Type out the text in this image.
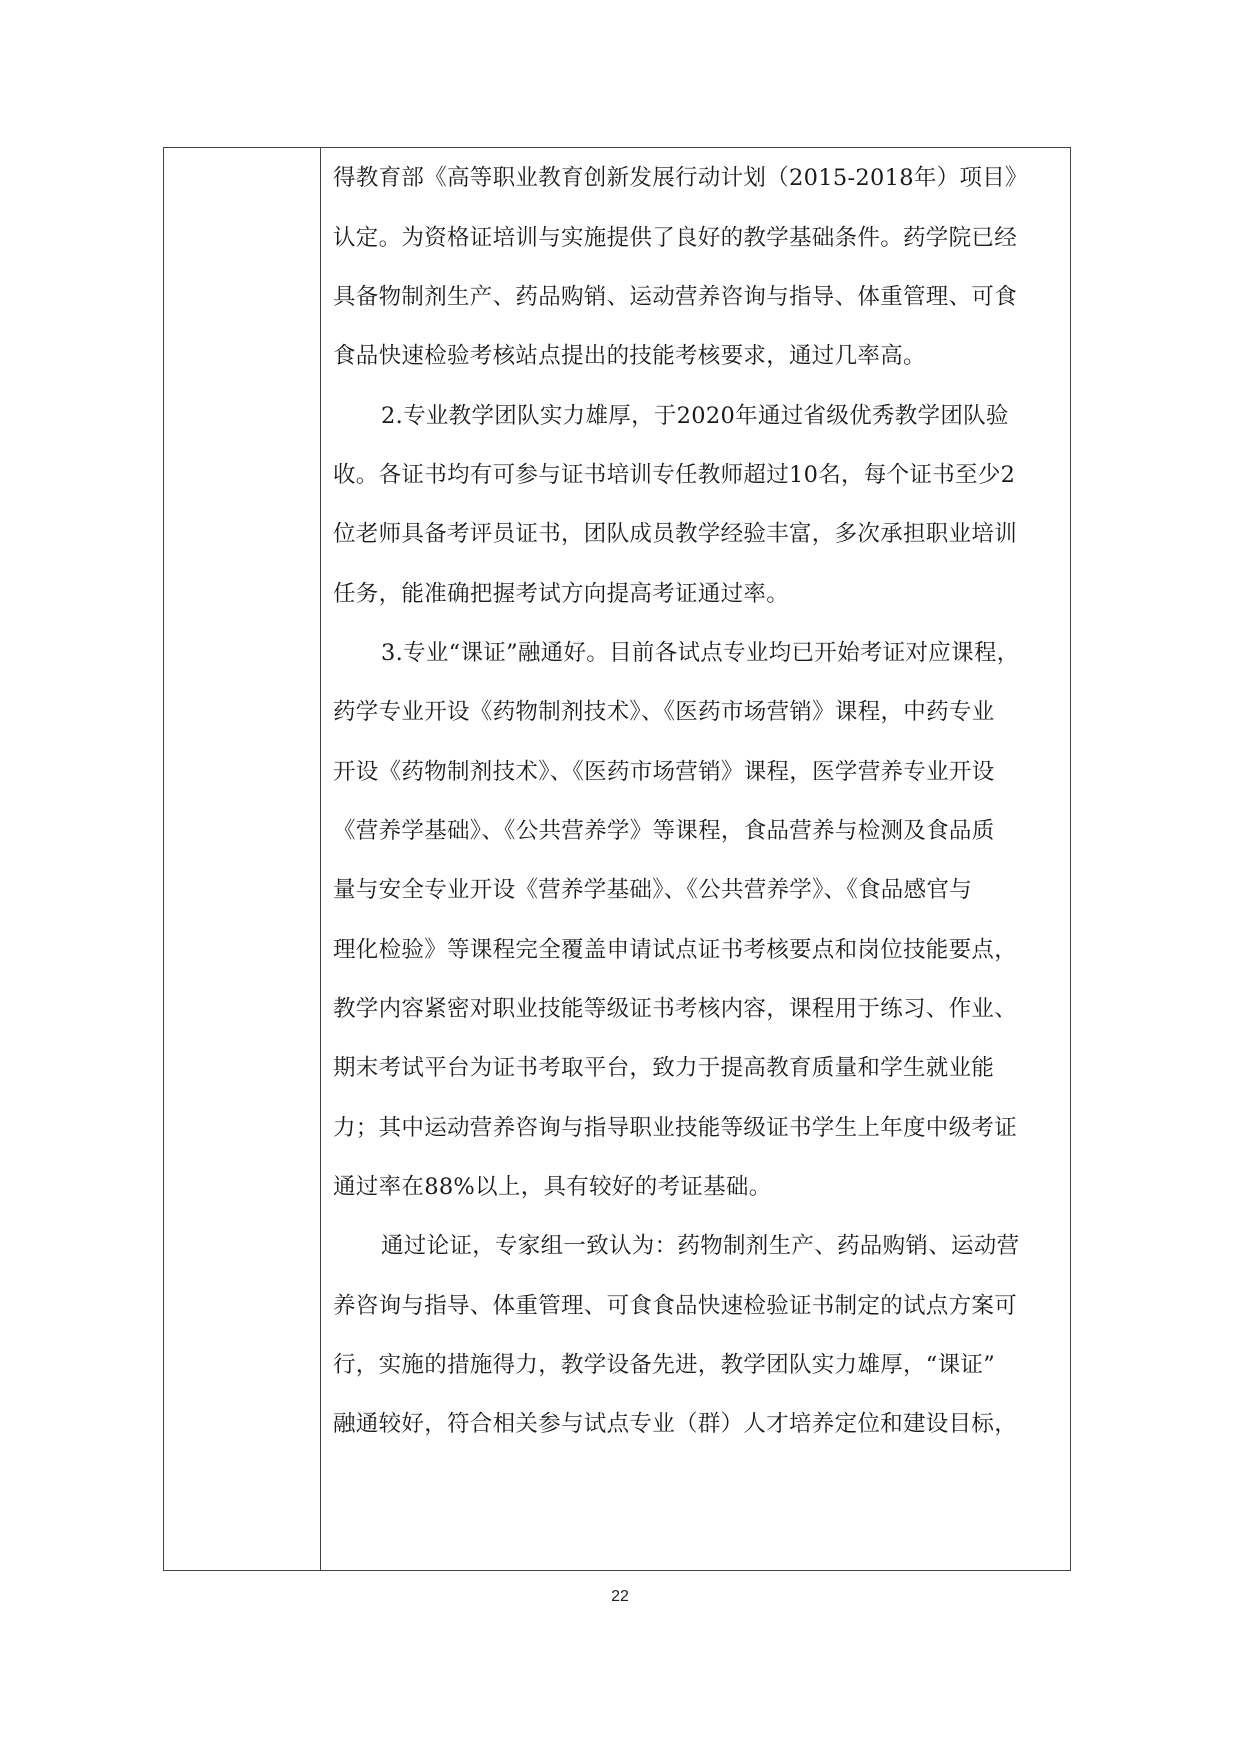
得教育部《高等职业教育创新发展行动计划（2015-2018年）项目》
认定。为资格证培训与实施提供了良好的教学基础条件。药学院已经
具备物制剂生产、药品购销、运动营养咨询与指导、体重管理、可食
食品快速检验考核站点提出的技能考核要求，通过几率高。
2.专业教学团队实力雄厚，于2020年通过省级优秀教学团队验
收。各证书均有可参与证书培训专任教师超过10名，每个证书至少2
位老师具备考评员证书，团队成员教学经验丰富，多次承担职业培训
任务，能准确把握考试方向提高考证通过率。
3.专业“课证”融通好。目前各试点专业均已开始考证对应课程，
药学专业开设《药物制剂技术》、《医药市场营销》课程，中药专业
开设《药物制剂技术》、《医药市场营销》课程，医学营养专业开设
《营养学基础》、《公共营养学》等课程，食品营养与检测及食品质
量与安全专业开设《营养学基础》、《公共营养学》、《食品感官与
理化检验》等课程完全覆盖申请试点证书考核要点和岗位技能要点，
教学内容紧密对职业技能等级证书考核内容，课程用于练习、作业、
期末考试平台为证书考取平台，致力于提高教育质量和学生就业能
力；其中运动营养咨询与指导职业技能等级证书学生上年度中级考证
通过率在88%以上，具有较好的考证基础。
通过论证，专家组一致认为：药物制剂生产、药品购销、运动营
养咨询与指导、体重管理、可食食品快速检验证书制定的试点方案可
行，实施的措施得力，教学设备先进，教学团队实力雄厚，“课证”
融通较好，符合相关参与试点专业（群）人才培养定位和建设目标，
22
